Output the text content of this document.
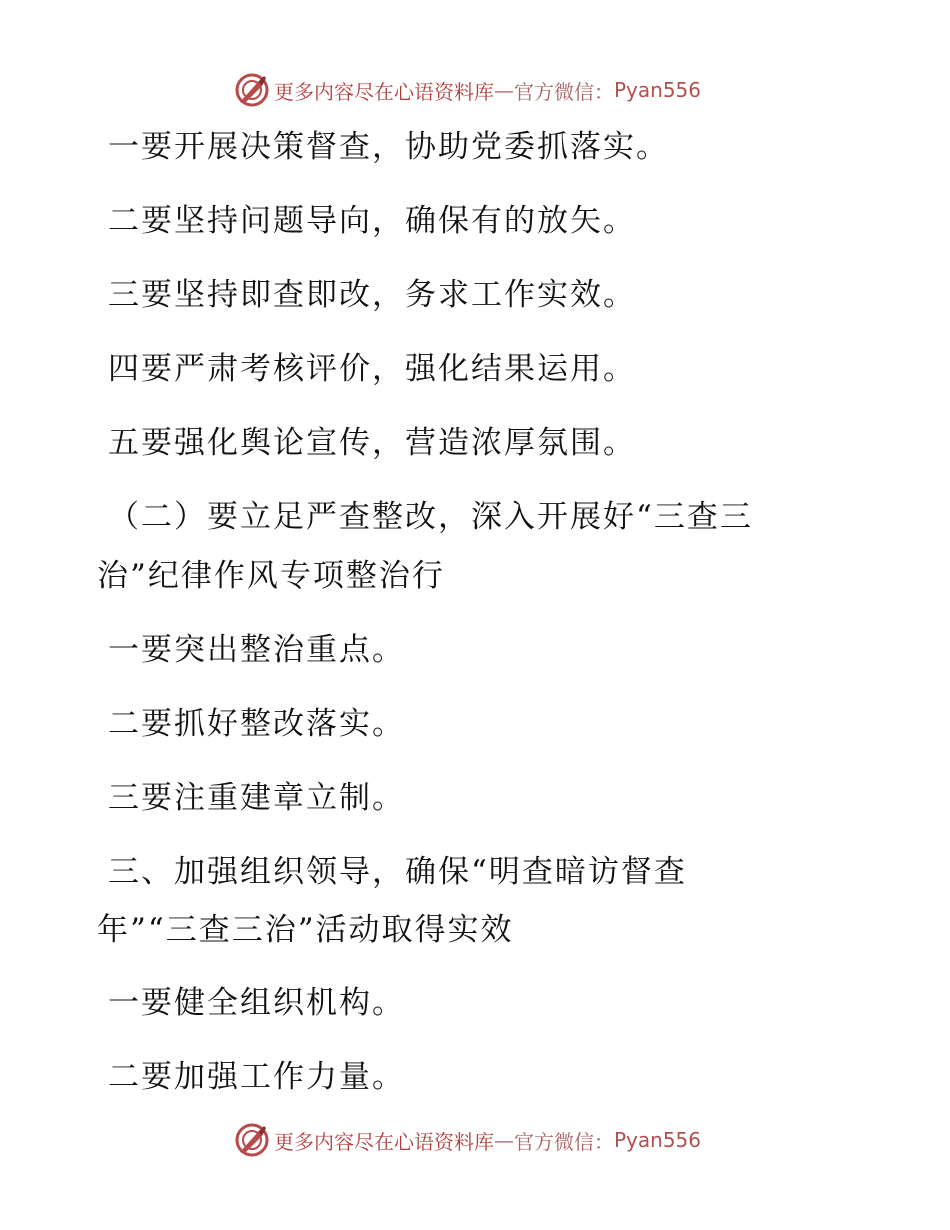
更多内容尽在心语资料库 — 官方微信： Pyan556
一要开展决策督查，协助党委抓落实。
二要坚持问题导向，确保有的放矢。
三要坚持即查即改，务求工作实效。
四要严肃考核评价，强化结果运用。
五要强化舆论宣传，营造浓厚氛围。
（二）要立足严查整改，深入开展好“三查三
治”纪律作风专项整治行
一要突出整治重点。
二要抓好整改落实。
三要注重建章立制。
三、加强组织领导，确保“明查暗访督查
年”“三查三治”活动取得实效
一要健全组织机构。
二要加强工作力量。
更多内容尽在心语资料库 — 官方微信： Pyan556
